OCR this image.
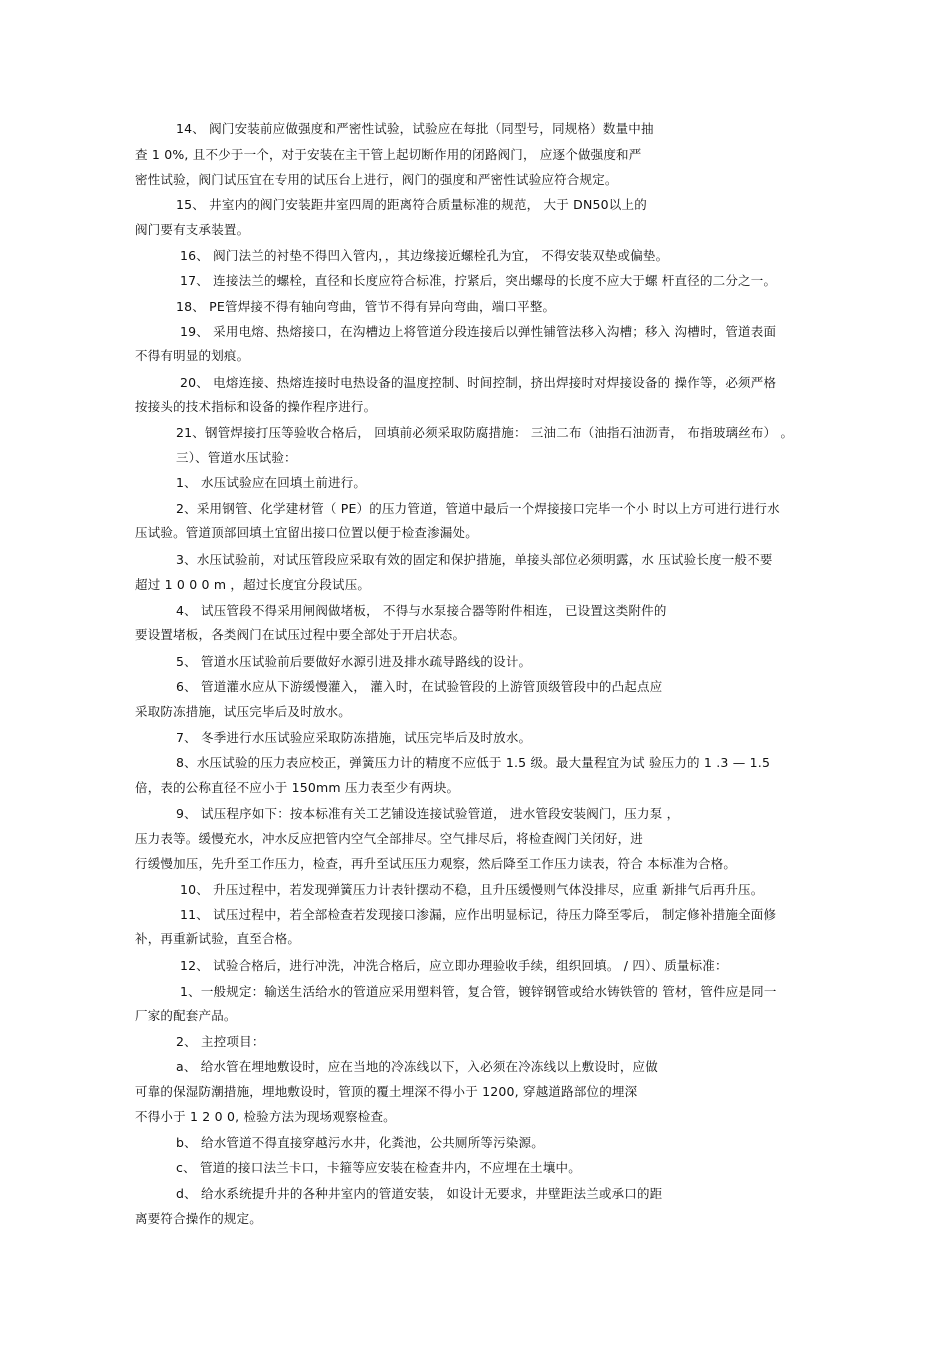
14、 阀门安装前应做强度和严密性试验，试验应在每批（同型号，同规格）数量中抽
查 1 0%, 且不少于一个，对于安装在主干管上起切断作用的闭路阀门， 应逐个做强度和严
密性试验，阀门试压宜在专用的试压台上进行，阀门的强度和严密性试验应符合规定。
15、 井室内的阀门安装距井室四周的距离符合质量标准的规范， 大于 DN50以上的
阀门要有支承装置。
16、 阀门法兰的衬垫不得凹入管内，，其边缘接近螺栓孔为宜， 不得安装双垫或偏垫。
17、 连接法兰的螺栓，直径和长度应符合标准，拧紧后，突出螺母的长度不应大于螺 杆直径的二分之一。
18、 PE管焊接不得有轴向弯曲，管节不得有异向弯曲，端口平整。
19、 采用电熔、热熔接口，在沟槽边上将管道分段连接后以弹性铺管法移入沟槽；移入 沟槽时，管道表面
不得有明显的划痕。
20、 电熔连接、热熔连接时电热设备的温度控制、时间控制，挤出焊接时对焊接设备的 操作等，必须严格
按接头的技术指标和设备的操作程序进行。
21、钢管焊接打压等验收合格后， 回填前必须采取防腐措施： 三油二布（油指石油沥青， 布指玻璃丝布） 。
三）、管道水压试验：
1、 水压试验应在回填土前进行。
2、采用钢管、化学建材管（ PE）的压力管道，管道中最后一个焊接接口完毕一个小 时以上方可进行进行水
压试验。管道顶部回填土宜留出接口位置以便于检查渗漏处。
3、水压试验前，对试压管段应采取有效的固定和保护措施，单接头部位必须明露，水 压试验长度一般不要
超过 1 0 0 0 m ，超过长度宜分段试压。
4、 试压管段不得采用闸阀做堵板， 不得与水泵接合器等附件相连， 已设置这类附件的
要设置堵板，各类阀门在试压过程中要全部处于开启状态。
5、 管道水压试验前后要做好水源引进及排水疏导路线的设计。
6、 管道灌水应从下游缓慢灌入， 灌入时，在试验管段的上游管顶级管段中的凸起点应
采取防冻措施，试压完毕后及时放水。
7、 冬季进行水压试验应采取防冻措施，试压完毕后及时放水。
8、水压试验的压力表应校正，弹簧压力计的精度不应低于 1.5 级。最大量程宜为试 验压力的 1 .3 — 1.5
倍，表的公称直径不应小于 150mm 压力表至少有两块。
9、 试压程序如下：按本标准有关工艺铺设连接试验管道， 进水管段安装阀门，压力泵 ，
压力表等。缓慢充水，冲水反应把管内空气全部排尽。空气排尽后，将检查阀门关闭好，进
行缓慢加压，先升至工作压力，检查，再升至试压压力观察，然后降至工作压力读表，符合 本标准为合格。
10、 升压过程中，若发现弹簧压力计表针摆动不稳，且升压缓慢则气体没排尽，应重 新排气后再升压。
11、 试压过程中，若全部检查若发现接口渗漏，应作出明显标记，待压力降至零后， 制定修补措施全面修
补，再重新试验，直至合格。
12、 试验合格后，进行冲洗，冲洗合格后，应立即办理验收手续，组织回填。 / 四）、质量标准：
1、一般规定：输送生活给水的管道应采用塑料管，复合管，镀锌钢管或给水铸铁管的 管材，管件应是同一
厂家的配套产品。
2、 主控项目：
a、 给水管在埋地敷设时，应在当地的冷冻线以下，入必须在冷冻线以上敷设时，应做
可靠的保湿防潮措施，埋地敷设时，管顶的覆土埋深不得小于 1200, 穿越道路部位的埋深
不得小于 1 2 0 0, 检验方法为现场观察检查。
b、 给水管道不得直接穿越污水井，化粪池，公共厕所等污染源。
c、 管道的接口法兰卡口，卡箍等应安装在检查井内，不应埋在土壤中。
d、 给水系统提升井的各种井室内的管道安装， 如设计无要求，井壁距法兰或承口的距
离要符合操作的规定。
